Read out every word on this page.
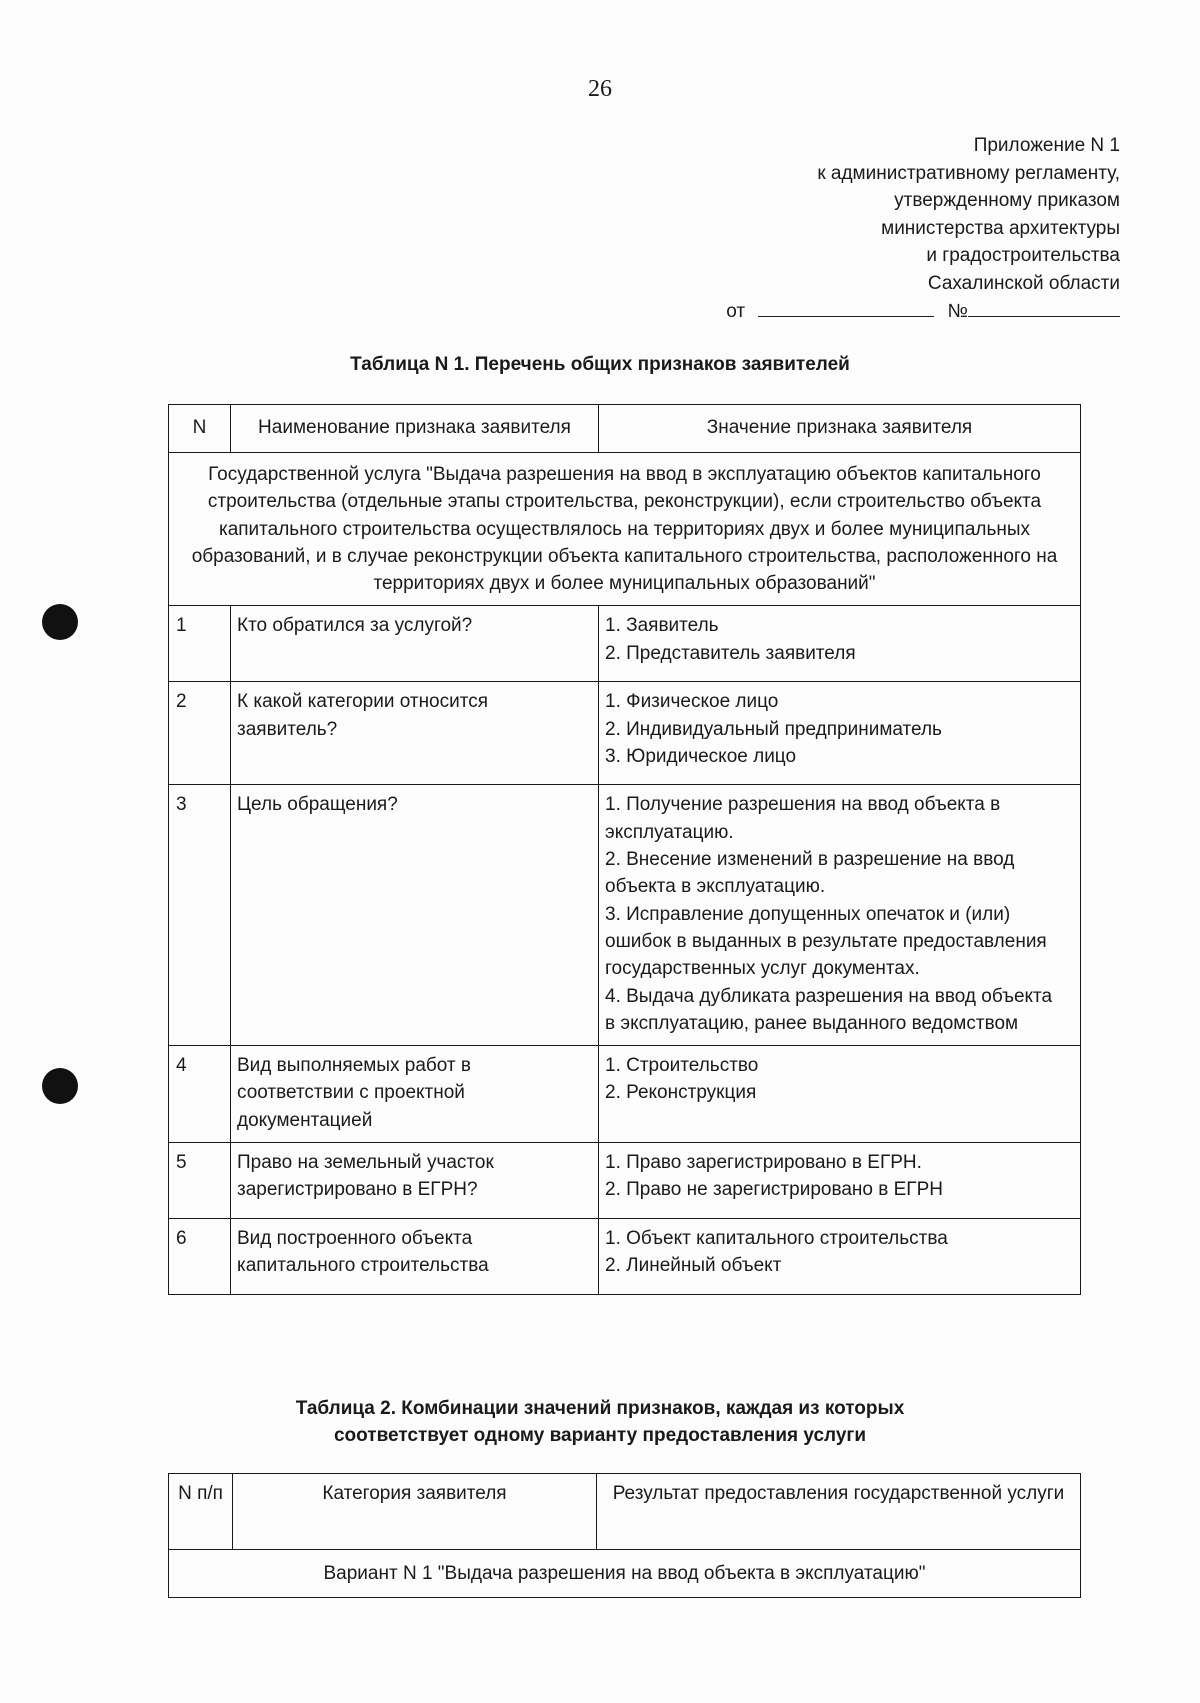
26
Приложение N 1
к административному регламенту,
утвержденному приказом
министерства архитектуры
и градостроительства
Сахалинской области
от	№
Таблица N 1. Перечень общих признаков заявителей
N	Наименование признака заявителя	Значение признака заявителя
Государственной услуга "Выдача разрешения на ввод в эксплуатацию объектов капитального строительства (отдельные этапы строительства, реконструкции), если строительство объекта капитального строительства осуществлялось на территориях двух и более муниципальных образований, и в случае реконструкции объекта капитального строительства, расположенного на территориях двух и более муниципальных образований"		
1	Кто обратился за услугой?	1. Заявитель
2. Представитель заявителя

2	К какой категории относится заявитель?	1. Физическое лицо
2. Индивидуальный предприниматель
3. Юридическое лицо

3	Цель обращения?	1. Получение разрешения на ввод объекта в эксплуатацию.
2. Внесение изменений в разрешение на ввод объекта в эксплуатацию.
3. Исправление допущенных опечаток и (или) ошибок в выданных в результате предоставления государственных услуг документах.
4. Выдача дубликата разрешения на ввод объекта в эксплуатацию, ранее выданного ведомством

4	Вид выполняемых работ в соответствии с проектной документацией	1. Строительство
2. Реконструкция

5	Право на земельный участок зарегистрировано в ЕГРН?	1. Право зарегистрировано в ЕГРН.
2. Право не зарегистрировано в ЕГРН

6	Вид построенного объекта капитального строительства	1. Объект капитального строительства
2. Линейный объект
Таблица 2. Комбинации значений признаков, каждая из которых
соответствует одному варианту предоставления услуги
N п/п	Категория заявителя	Результат предоставления государственной услуги
Вариант N 1 "Выдача разрешения на ввод объекта в эксплуатацию"
